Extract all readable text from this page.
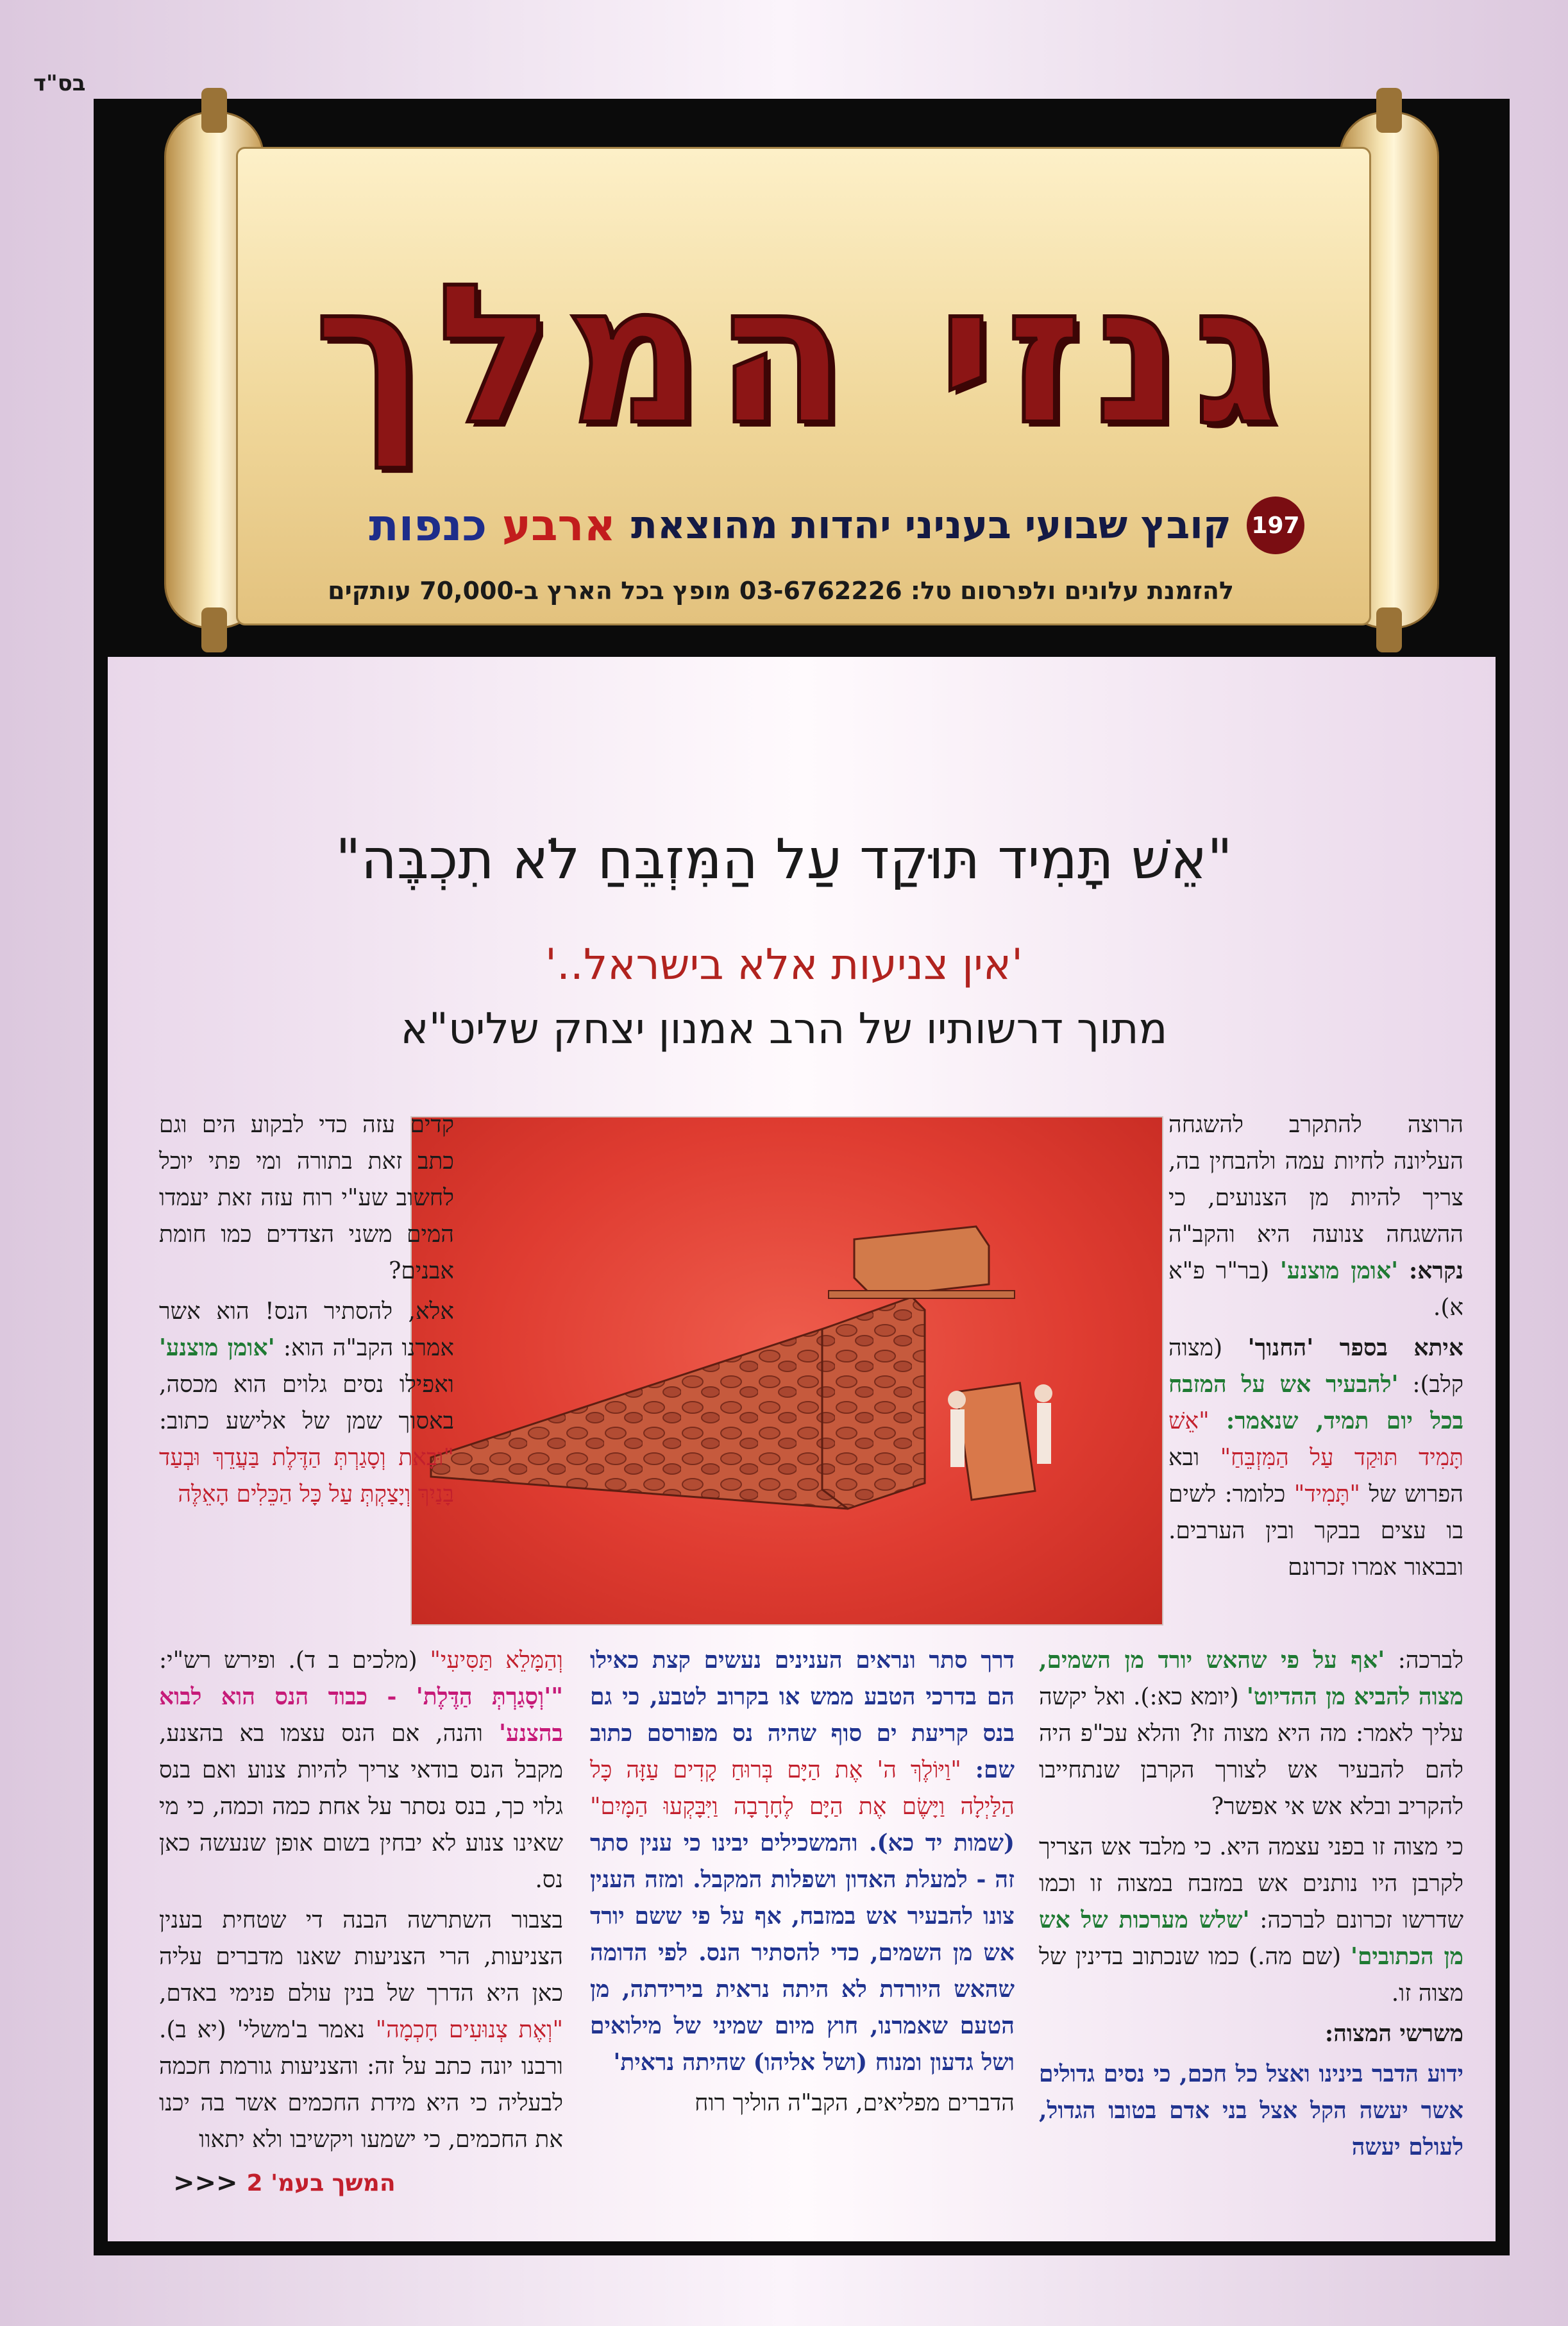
בס"ד
גנזי המלך
197
קובץ שבועי בעניני יהדות מהוצאת
ארבע כנפות
להזמנת עלונים ולפרסום טל: 03-6762226 מופץ בכל הארץ ב-70,000 עותקים
"אֵשׁ תָּמִיד תּוּקַד עַל הַמִּזְבֵּחַ לֹא תִכְבֶּה"
'אין צניעות אלא בישראל..'
מתוך דרשותיו של הרב אמנון יצחק שליט"א

הרוצה להתקרב להשגחה העליונה לחיות עמה ולהבחין בה, צריך להיות מן הצנועים, כי ההשגחה צנועה היא והקב"ה נקרא: 'אומן מוצנע' (בר"ר פ"א א).

איתא בספר 'החנוך' (מצוה קלב): 'להבעיר אש על המזבח בכל יום תמיד, שנאמר: "אֵשׁ תָּמִיד תּוּקַד עַל הַמִּזְבֵּחַ" ובא הפרוש של "תָּמִיד" כלומר: לשים בו עצים בבקר ובין הערבים. ובבאור אמרו זכרונם

קדים עזה כדי לבקוע הים וגם כתב זאת בתורה ומי פתי יוכל לחשוב שע"י רוח עזה זאת יעמדו המים משני הצדדים כמו חומת אבנים?

אלא, להסתיר הנס! הוא אשר אמרנו הקב"ה הוא: 'אומן מוצנע' ואפילו נסים גלוים הוא מכסה, באסוך שמן של אלישע כתוב: "וּבָאת וְסָגַרְתְּ הַדֶּלֶת בַּעֲדֵךְ וּבְעַד בָּנַיִךְ וְיָצַקְתְּ עַל כָּל הַכֵּלִים הָאֵלֶּה

לברכה: 'אף על פי שהאש יורד מן השמים, מצוה להביא מן ההדיוט' (יומא כא:). ואל יקשה עליך לאמר: מה היא מצוה זו? והלא עכ"פ היה להם להבעיר אש לצורך הקרבן שנתחייבו להקריב ובלא אש אי אפשר?

כי מצוה זו בפני עצמה היא. כי מלבד אש הצריך לקרבן היו נותנים אש במזבח במצוה זו וכמו שדרשו זכרונם לברכה: 'שלש מערכות של אש מן הכתובים' (שם מה.) כמו שנכתוב בדינין של מצוה זו.

משרשי המצוה:

ידוע הדבר בינינו ואצל כל חכם, כי נסים גדולים אשר יעשה הקל אצל בני אדם בטובו הגדול, לעולם יעשה

דרך סתר ונראים הענינים נעשים קצת כאילו הם בדרכי הטבע ממש או בקרוב לטבע, כי גם בנס קריעת ים סוף שהיה נס מפורסם כתוב שם: "וַיּוֹלֶךְ ה' אֶת הַיָּם בְּרוּחַ קָדִים עַזָּה כָּל הַלַּיְלָה וַיָּשֶׂם אֶת הַיָּם לֶחָרָבָה וַיִּבָּקְעוּ הַמָּיִם" (שמות יד כא). והמשכילים יבינו כי ענין סתר זה - למעלת האדון ושפלות המקבל. ומזה הענין צונו להבעיר אש במזבח, אף על פי ששם יורד אש מן השמים, כדי להסתיר הנס. לפי הדומה שהאש היורדת לא היתה נראית בירידתה, מן הטעם שאמרנו, חוץ מיום שמיני של מילואים ושל גדעון ומנוח (ושל אליהו) שהיתה נראית'

הדברים מפליאים, הקב"ה הוליך רוח

וְהַמָּלֵא תַּסִּיעִי" (מלכים ב ד). ופירש רש"י: "'וְסָגַרְתְּ הַדֶּלֶת' - כבוד הנס הוא לבוא בהצנע' והנה, אם הנס עצמו בא בהצנע, מקבל הנס בודאי צריך להיות צנוע ואם בנס גלוי כך, בנס נסתר על אחת כמה וכמה, כי מי שאינו צנוע לא יבחין בשום אופן שנעשה כאן נס.

בצבור השתרשה הבנה די שטחית בענין הצניעות, הרי הצניעות שאנו מדברים עליה כאן היא הדרך של בנין עולם פנימי באדם, "וְאֶת צְנוּעִים חָכְמָה" נאמר ב'משלי' (יא ב). ורבנו יונה כתב על זה: והצניעות גורמת חכמה לבעליה כי היא מידת החכמים אשר בה יכנו את החכמים, כי ישמעו ויקשיבו ולא יתאוו

המשך בעמ' 2
<<<
